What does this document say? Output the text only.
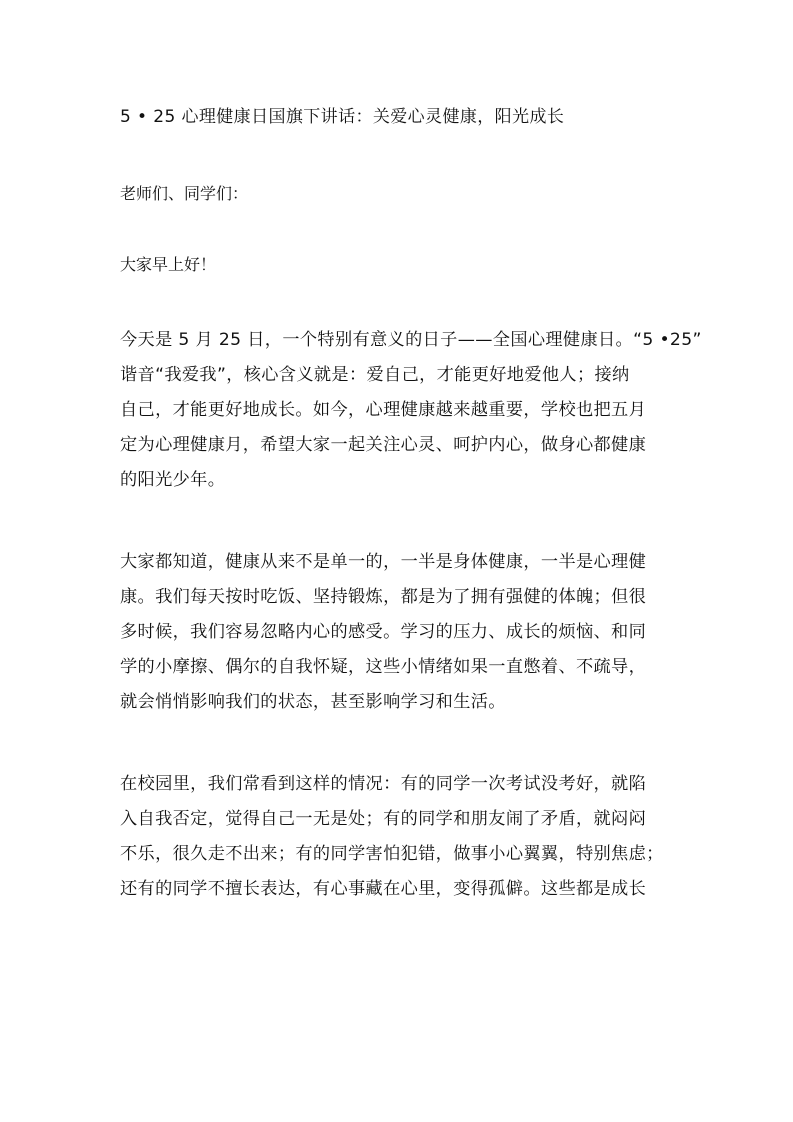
5 • 25 心理健康日国旗下讲话：关爱心灵健康，阳光成长

老师们、同学们：

大家早上好！

今天是 5 月 25 日，一个特别有意义的日子——全国心理健康日。“5 •25”
谐音“我爱我”，核心含义就是：爱自己，才能更好地爱他人；接纳
自己，才能更好地成长。如今，心理健康越来越重要，学校也把五月
定为心理健康月，希望大家一起关注心灵、呵护内心，做身心都健康
的阳光少年。

大家都知道，健康从来不是单一的，一半是身体健康，一半是心理健
康。我们每天按时吃饭、坚持锻炼，都是为了拥有强健的体魄；但很
多时候，我们容易忽略内心的感受。学习的压力、成长的烦恼、和同
学的小摩擦、偶尔的自我怀疑，这些小情绪如果一直憋着、不疏导，
就会悄悄影响我们的状态，甚至影响学习和生活。

在校园里，我们常看到这样的情况：有的同学一次考试没考好，就陷
入自我否定，觉得自己一无是处；有的同学和朋友闹了矛盾，就闷闷
不乐，很久走不出来；有的同学害怕犯错，做事小心翼翼，特别焦虑；
还有的同学不擅长表达，有心事藏在心里，变得孤僻。这些都是成长
